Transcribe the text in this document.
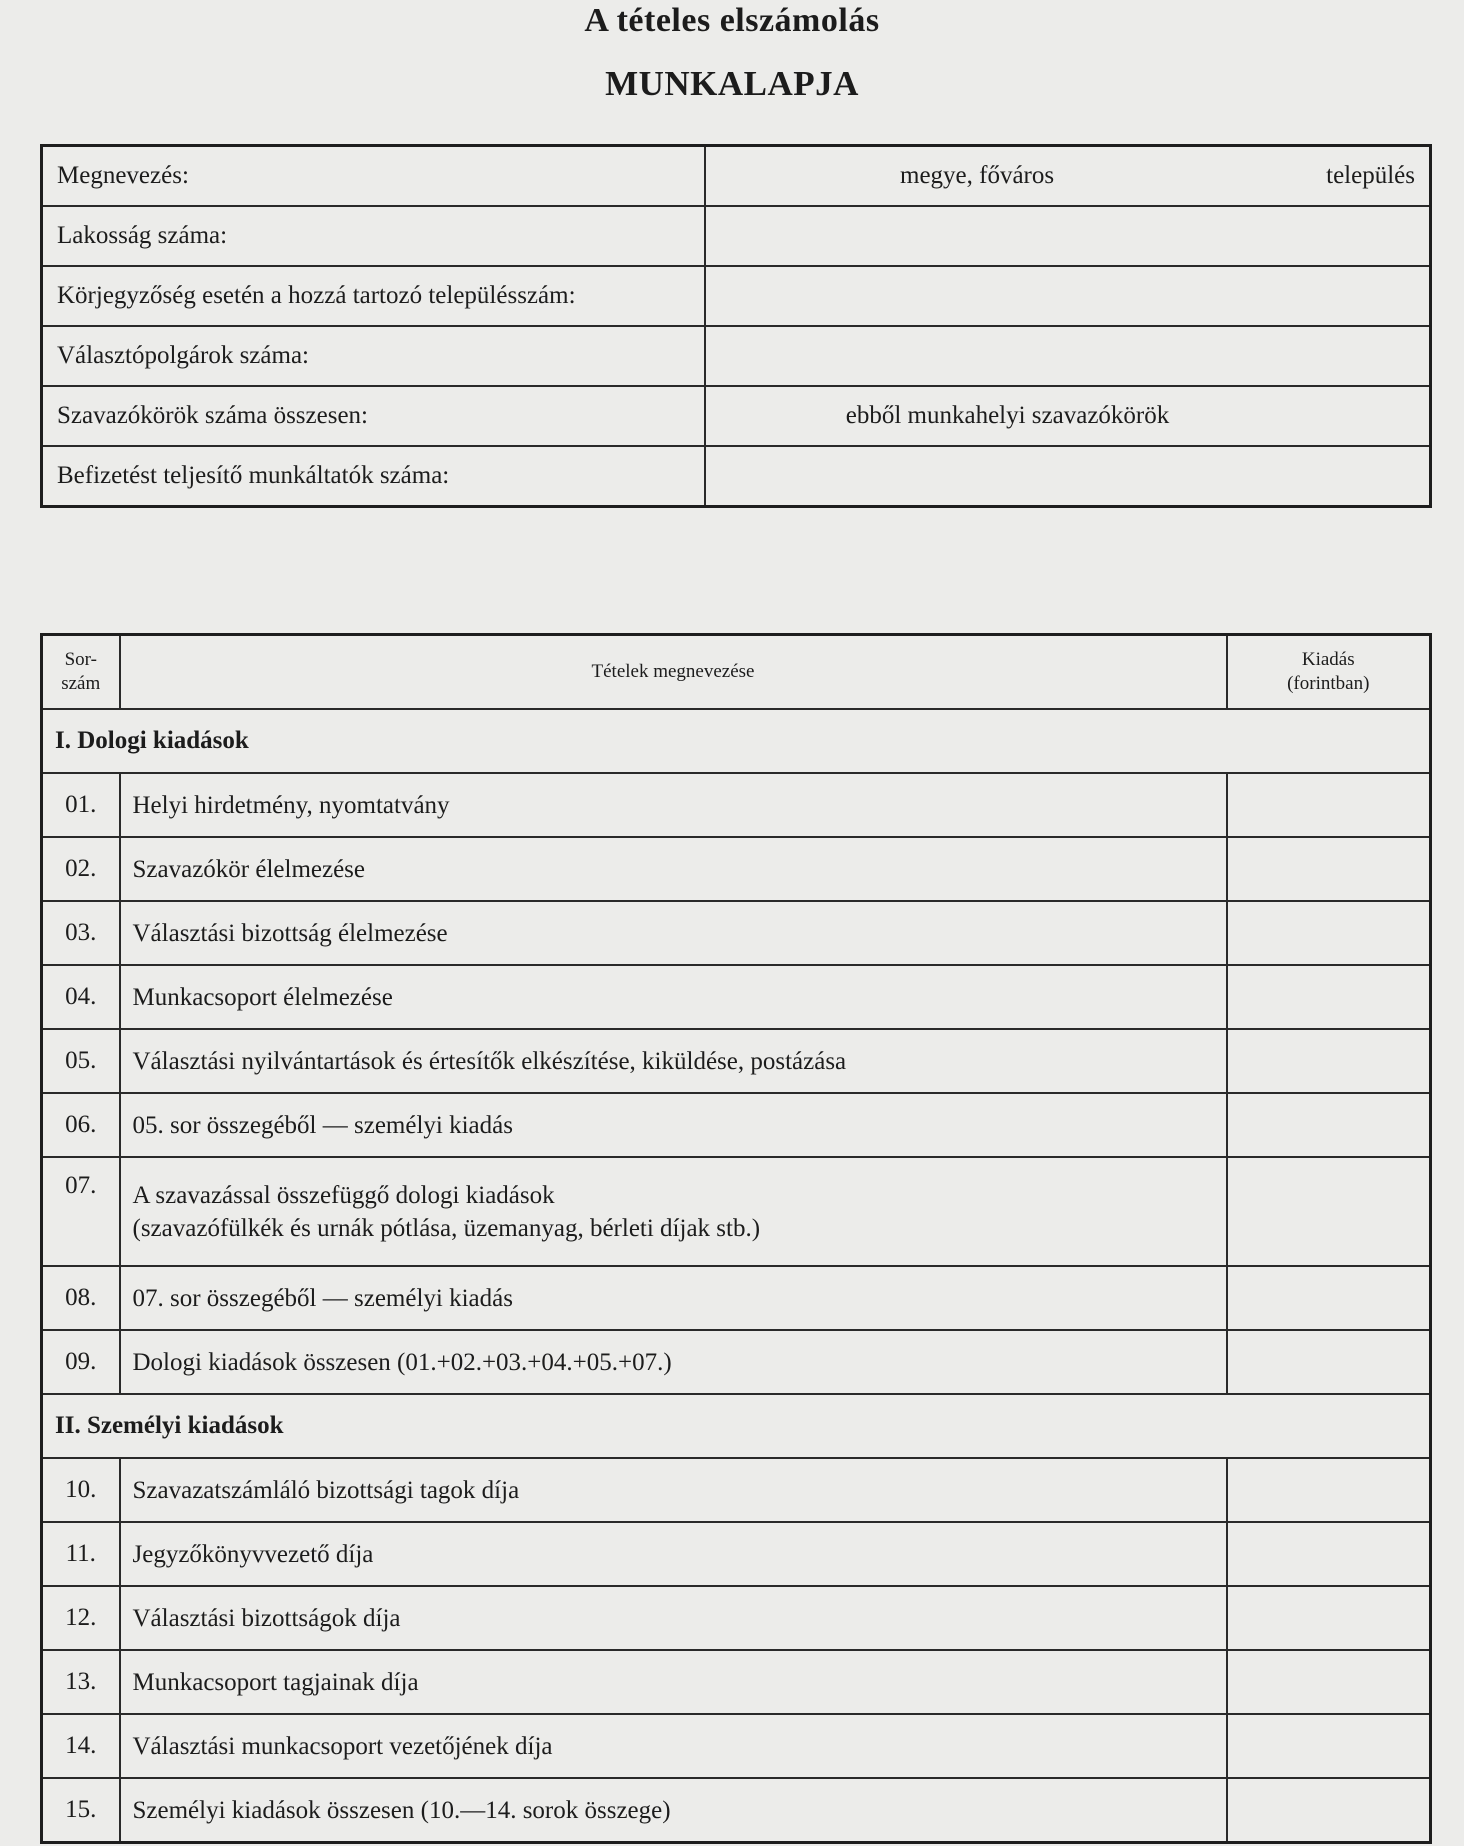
A tételes elszámolás
MUNKALAPJA
Megnevezés:	megye, főváros település

Lakosság száma:	
Körjegyzőség esetén a hozzá tartozó településszám:	
Választópolgárok száma:	
Szavazókörök száma összesen:	ebből munkahelyi szavazókörök

Befizetést teljesítő munkáltatók száma:	
Sor-
szám	Tételek megnevezése	Kiadás
(forintban)
I. Dologi kiadások		
01.	Helyi hirdetmény, nyomtatvány	
02.	Szavazókör élelmezése	
03.	Választási bizottság élelmezése	
04.	Munkacsoport élelmezése	
05.	Választási nyilvántartások és értesítők elkészítése, kiküldése, postázása	
06.	05. sor összegéből — személyi kiadás	
07.	A szavazással összefüggő dologi kiadások
(szavazófülkék és urnák pótlása, üzemanyag, bérleti díjak stb.)	
08.	07. sor összegéből — személyi kiadás	
09.	Dologi kiadások összesen (01.+02.+03.+04.+05.+07.)	
II. Személyi kiadások		
10.	Szavazatszámláló bizottsági tagok díja	
11.	Jegyzőkönyvvezető díja	
12.	Választási bizottságok díja	
13.	Munkacsoport tagjainak díja	
14.	Választási munkacsoport vezetőjének díja	
15.	Személyi kiadások összesen (10.—14. sorok összege)	
